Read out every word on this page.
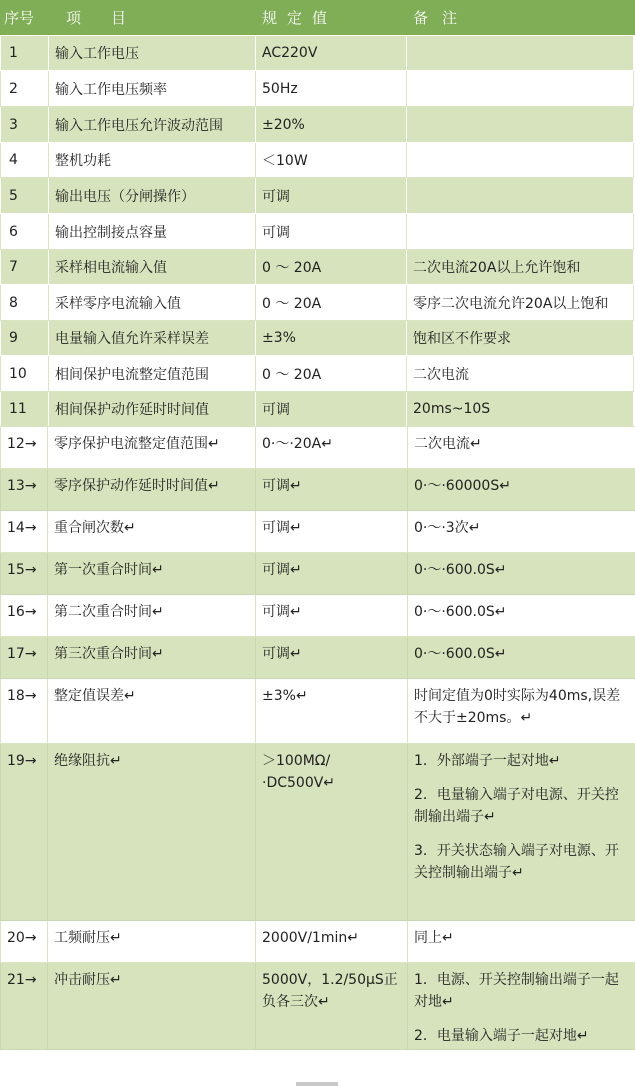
序号 项目	规定值	备注
1	输入工作电压	AC220V	
2	输入工作电压频率	50Hz	
3	输入工作电压允许波动范围	±20%	
4	整机功耗	＜10W	
5	输出电压（分闸操作）	可调	
6	输出控制接点容量	可调	
7	采样相电流输入值	0 ～ 20A	二次电流20A以上允许饱和
8	采样零序电流输入值	0 ～ 20A	零序二次电流允许20A以上饱和
9	电量输入值允许采样误差	±3%	饱和区不作要求
10	相间保护电流整定值范围	0 ～ 20A	二次电流
11	相间保护动作延时时间值	可调	20ms~10S
12→	零序保护电流整定值范围↵	0·～·20A↵	二次电流↵

13→	零序保护动作延时时间值↵	可调↵	0·～·60000S↵

14→	重合闸次数↵	可调↵	0·～·3次↵

15→	第一次重合时间↵	可调↵	0·～·600.0S↵

16→	第二次重合时间↵	可调↵	0·～·600.0S↵

17→	第三次重合时间↵	可调↵	0·～·600.0S↵

18→	整定值误差↵	±3%↵	时间定值为0时实际为40ms,误差不大于±20ms。↵

19→	绝缘阻抗↵	＞100MΩ/·DC500V↵	1．外部端子一起对地↵

2．电量输入端子对电源、开关控制输出端子↵

3．开关状态输入端子对电源、开关控制输出端子↵

20→	工频耐压↵	2000V/1min↵	同上↵

21→	冲击耐压↵	5000V，1.2/50μS正负各三次↵	1．电源、开关控制输出端子一起对地↵

2．电量输入端子一起对地↵
